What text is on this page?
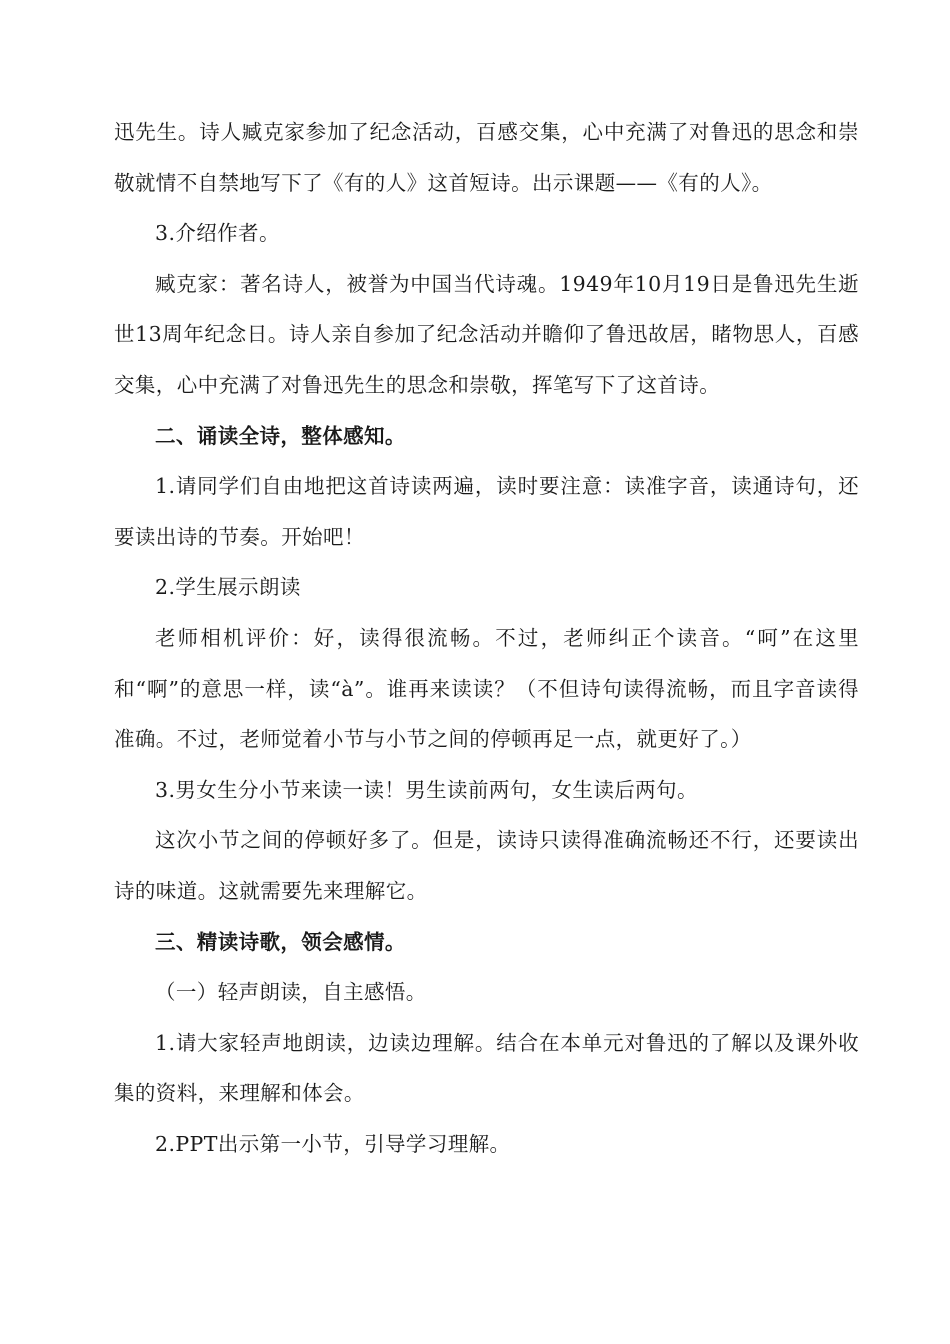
迅先生。诗人臧克家参加了纪念活动，百感交集，心中充满了对鲁迅的思念和崇敬就情不自禁地写下了《有的人》这首短诗。出示课题——《有的人》。

3.介绍作者。

臧克家：著名诗人，被誉为中国当代诗魂。1949年10月19日是鲁迅先生逝世13周年纪念日。诗人亲自参加了纪念活动并瞻仰了鲁迅故居，睹物思人，百感交集，心中充满了对鲁迅先生的思念和崇敬，挥笔写下了这首诗。

二、诵读全诗，整体感知。

1.请同学们自由地把这首诗读两遍，读时要注意：读准字音，读通诗句，还要读出诗的节奏。开始吧！

2.学生展示朗读

老师相机评价：好，读得很流畅。不过，老师纠正个读音。“呵”在这里和“啊”的意思一样，读“à”。谁再来读读？（不但诗句读得流畅，而且字音读得准确。不过，老师觉着小节与小节之间的停顿再足一点，就更好了。）

3.男女生分小节来读一读！男生读前两句，女生读后两句。

这次小节之间的停顿好多了。但是，读诗只读得准确流畅还不行，还要读出诗的味道。这就需要先来理解它。

三、精读诗歌，领会感情。

（一）轻声朗读，自主感悟。

1.请大家轻声地朗读，边读边理解。结合在本单元对鲁迅的了解以及课外收集的资料，来理解和体会。

2.PPT出示第一小节，引导学习理解。
